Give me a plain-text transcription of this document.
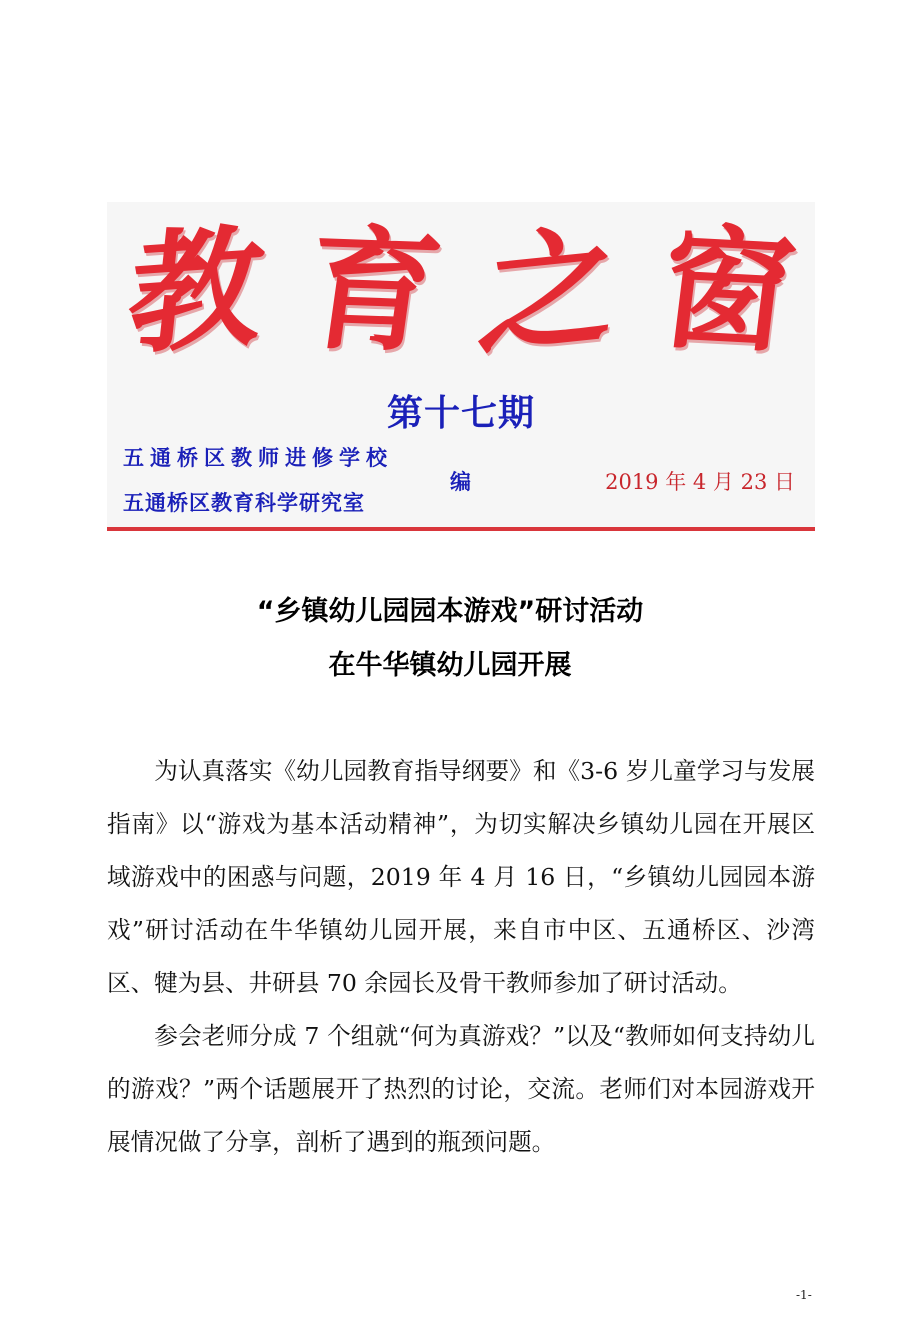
教 育 之 窗
第十七期
五通桥区教师进修学校
五通桥区教育科学研究室
编	2019 年 4 月 23 日
“乡镇幼儿园园本游戏”研讨活动
在牛华镇幼儿园开展

为认真落实《幼儿园教育指导纲要》和《3-6 岁儿童学习与发展指南》以“游戏为基本活动精神”，为切实解决乡镇幼儿园在开展区域游戏中的困惑与问题，2019 年 4 月 16 日，“乡镇幼儿园园本游戏”研讨活动在牛华镇幼儿园开展，来自市中区、五通桥区、沙湾区、犍为县、井研县 70 余园长及骨干教师参加了研讨活动。

参会老师分成 7 个组就“何为真游戏？”以及“教师如何支持幼儿的游戏？”两个话题展开了热烈的讨论，交流。老师们对本园游戏开展情况做了分享，剖析了遇到的瓶颈问题。

-1-
